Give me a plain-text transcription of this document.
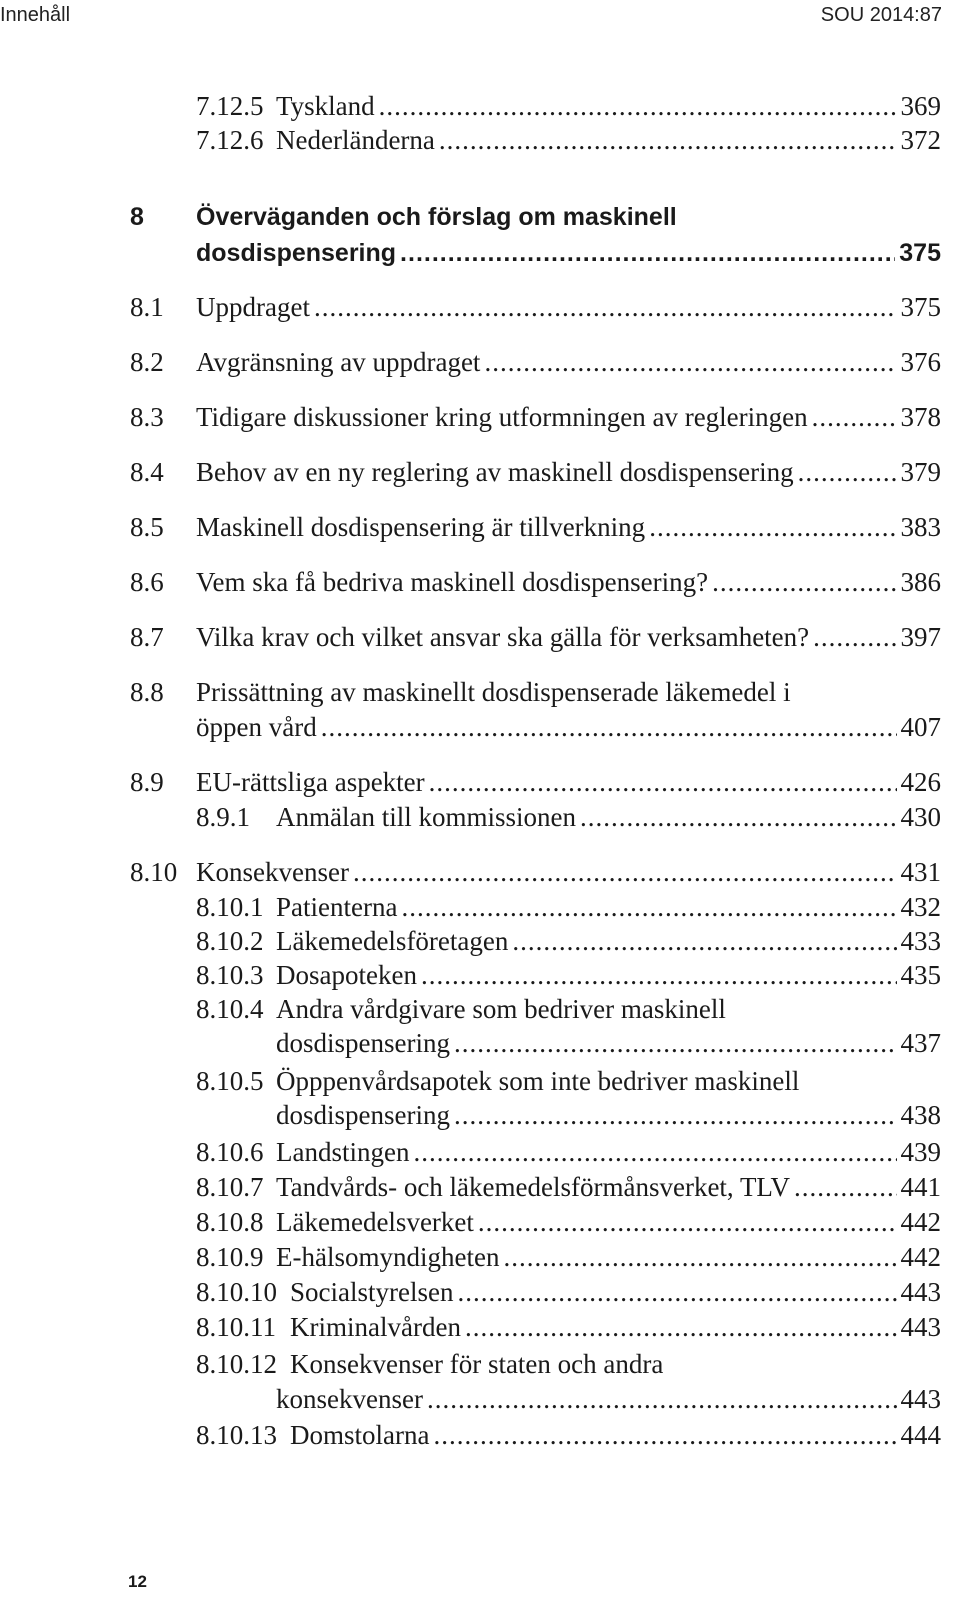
Innehåll	SOU 2014:87
7.12.5 Tyskland .....	369
7.12.6 Nederländerna .....	372
8 Överväganden och förslag om maskinell
dosdispensering .....	375
8.1 Uppdraget .....	375
8.2 Avgränsning av uppdraget .....	376
8.3 Tidigare diskussioner kring utformningen av regleringen .....	378
8.4 Behov av en ny reglering av maskinell dosdispensering .....	379
8.5 Maskinell dosdispensering är tillverkning .....	383
8.6 Vem ska få bedriva maskinell dosdispensering? .....	386
8.7 Vilka krav och vilket ansvar ska gälla för verksamheten? .....	397
8.8 Prissättning av maskinellt dosdispenserade läkemedel i
öppen vård .....	407
8.9 EU-rättsliga aspekter .....	426
8.9.1 Anmälan till kommissionen .....	430
8.10 Konsekvenser .....	431
8.10.1 Patienterna .....	432
8.10.2 Läkemedelsföretagen .....	433
8.10.3 Dosapoteken .....	435
8.10.4 Andra vårdgivare som bedriver maskinell
dosdispensering .....	437
8.10.5 Öpppenvårdsapotek som inte bedriver maskinell
dosdispensering .....	438
8.10.6 Landstingen .....	439
8.10.7 Tandvårds- och läkemedelsförmånsverket, TLV .....	441
8.10.8 Läkemedelsverket .....	442
8.10.9 E-hälsomyndigheten .....	442
8.10.10 Socialstyrelsen .....	443
8.10.11 Kriminalvården .....	443
8.10.12 Konsekvenser för staten och andra
konsekvenser .....	443
8.10.13 Domstolarna .....	444
12
